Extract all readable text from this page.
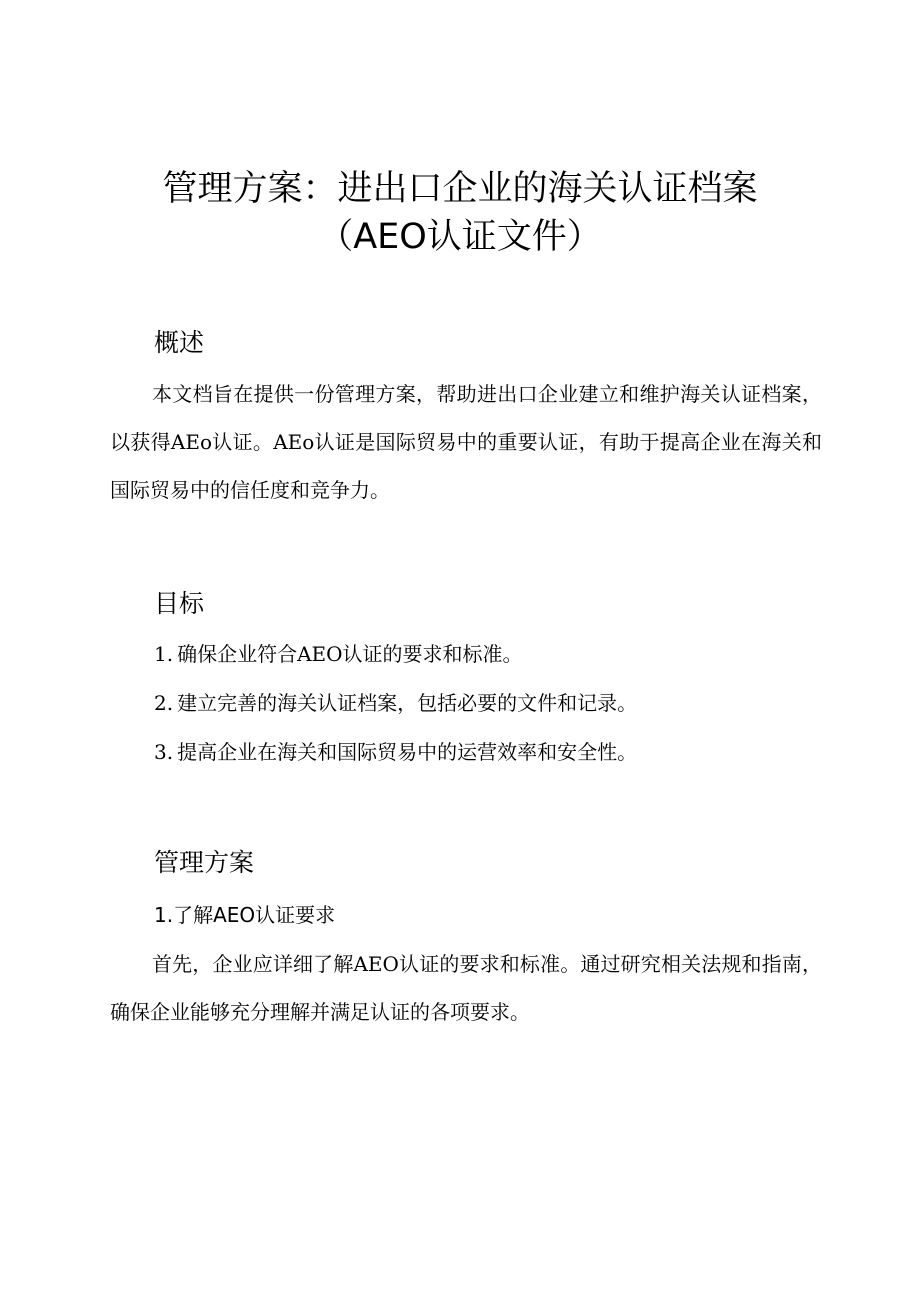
管理方案：进出口企业的海关认证档案
（AEO认证文件）
概述

本文档旨在提供一份管理方案，帮助进出口企业建立和维护海关认证档案，以获得AEo认证。AEo认证是国际贸易中的重要认证，有助于提高企业在海关和国际贸易中的信任度和竞争力。

目标

1. 确保企业符合AEO认证的要求和标准。

2. 建立完善的海关认证档案，包括必要的文件和记录。

3. 提高企业在海关和国际贸易中的运营效率和安全性。

管理方案

1.了解AEO认证要求

首先，企业应详细了解AEO认证的要求和标准。通过研究相关法规和指南，确保企业能够充分理解并满足认证的各项要求。
